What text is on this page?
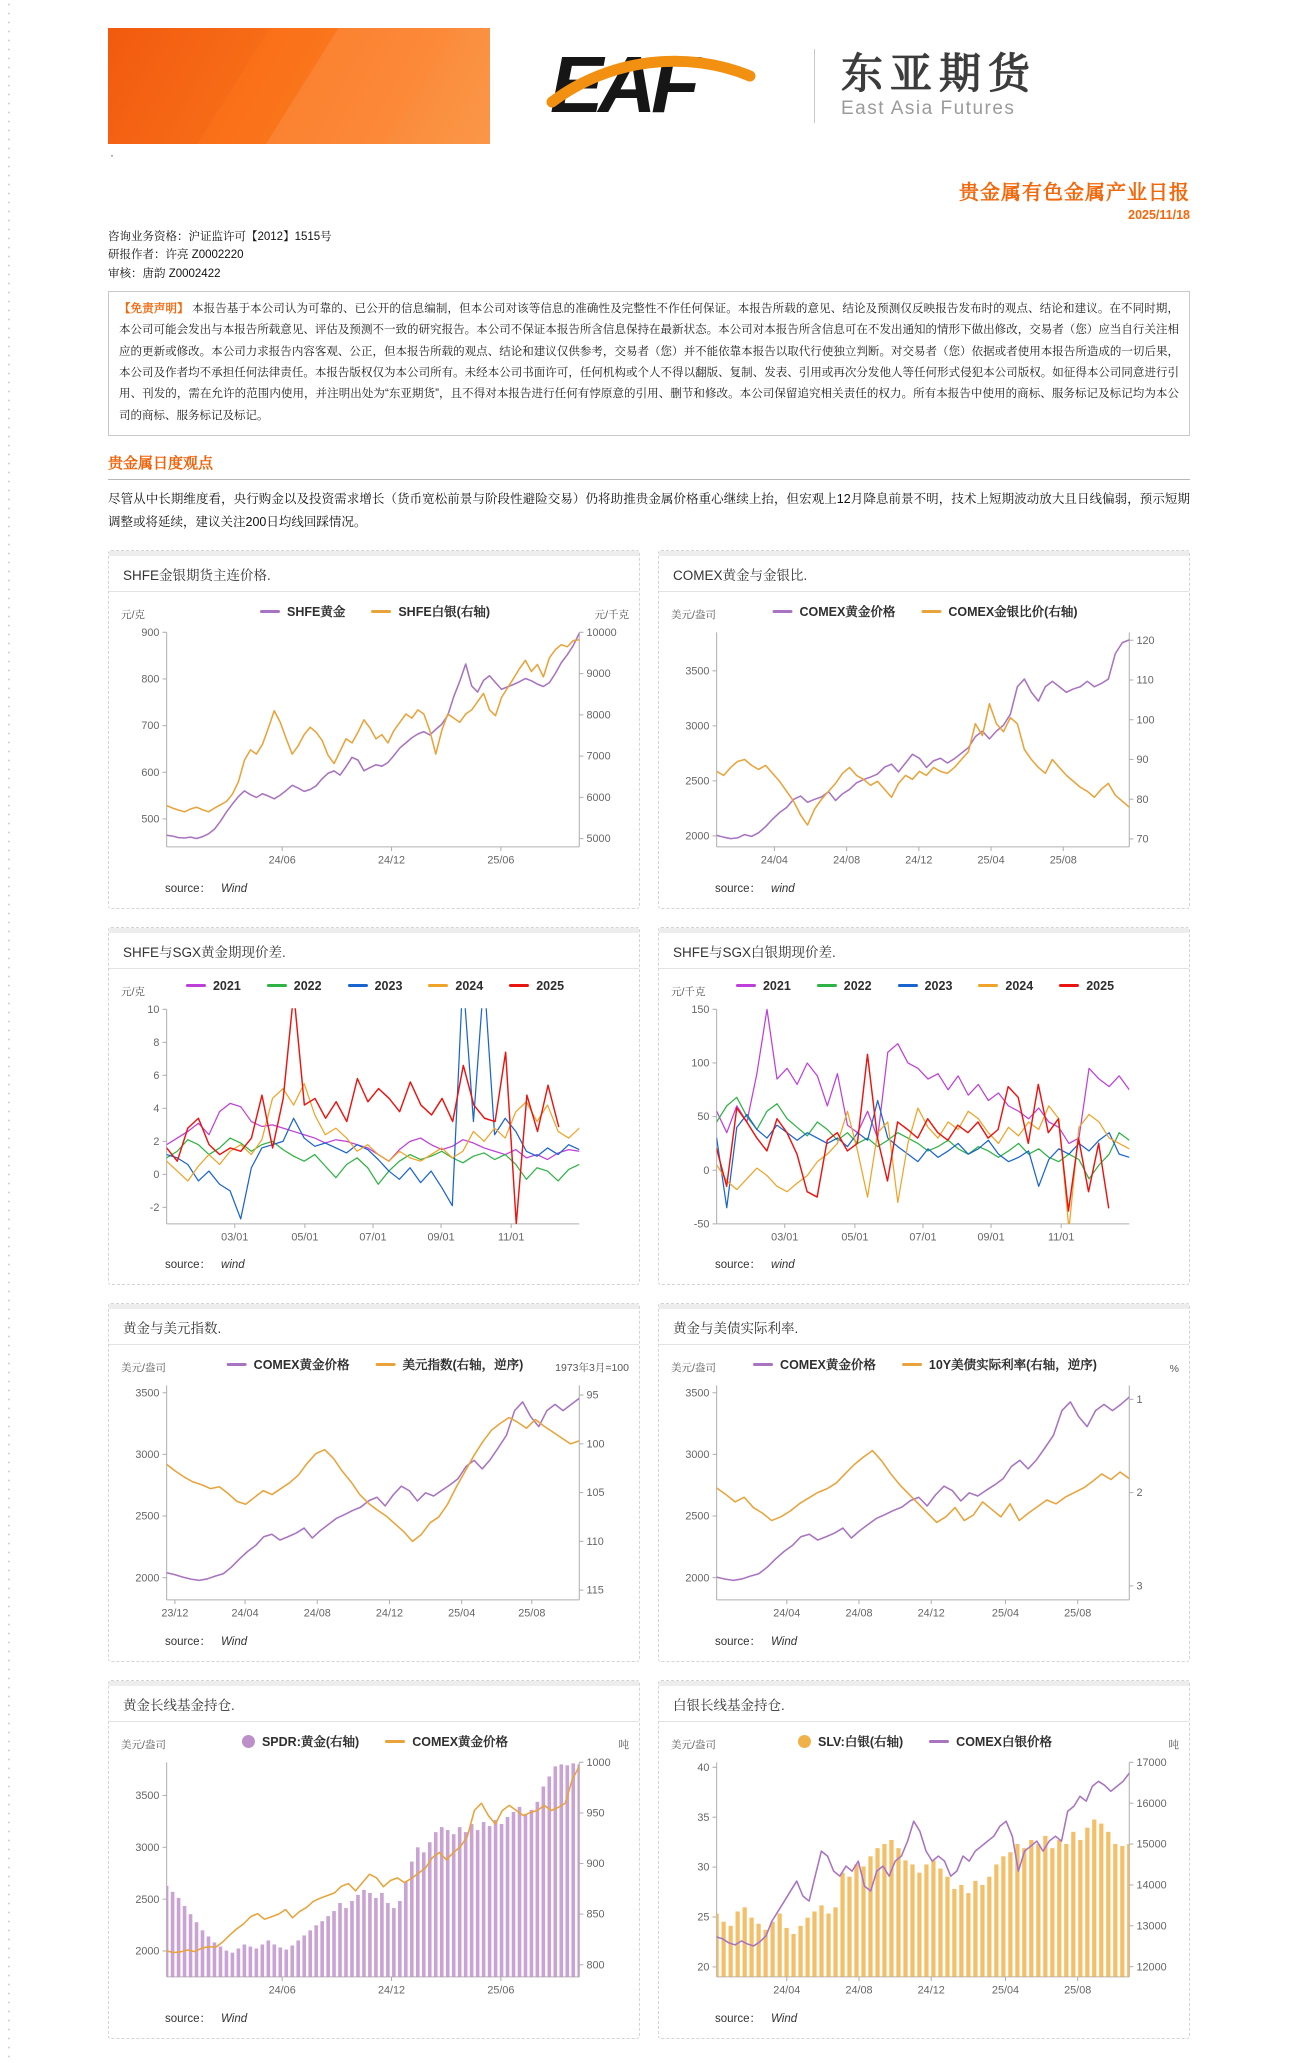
EAF	东亚期货
East Asia Futures
·
贵金属有色金属产业日报
2025/11/18
咨询业务资格：沪证监许可【2012】1515号
研报作者：许亮 Z0002220
审核：唐韵 Z0002422
【免责声明】 本报告基于本公司认为可靠的、已公开的信息编制，但本公司对该等信息的准确性及完整性不作任何保证。本报告所载的意见、结论及预测仅反映报告发布时的观点、结论和建议。在不同时期，本公司可能会发出与本报告所载意见、评估及预测不一致的研究报告。本公司不保证本报告所含信息保持在最新状态。本公司对本报告所含信息可在不发出通知的情形下做出修改，交易者（您）应当自行关注相应的更新或修改。本公司力求报告内容客观、公正，但本报告所载的观点、结论和建议仅供参考，交易者（您）并不能依靠本报告以取代行使独立判断。对交易者（您）依据或者使用本报告所造成的一切后果，本公司及作者均不承担任何法律责任。本报告版权仅为本公司所有。未经本公司书面许可，任何机构或个人不得以翻版、复制、发表、引用或再次分发他人等任何形式侵犯本公司版权。如征得本公司同意进行引用、刊发的，需在允许的范围内使用，并注明出处为“东亚期货”，且不得对本报告进行任何有悖原意的引用、删节和修改。本公司保留追究相关责任的权力。所有本报告中使用的商标、服务标记及标记均为本公司的商标、服务标记及标记。
贵金属日度观点
尽管从中长期维度看，央行购金以及投资需求增长（货币宽松前景与阶段性避险交易）仍将助推贵金属价格重心继续上抬，但宏观上12月降息前景不明，技术上短期波动放大且日线偏弱，预示短期调整或将延续，建议关注200日均线回踩情况。
SHFE金银期货主连价格.
元/克	SHFE黄金	SHFE白银(右轴)	元/千克
900
800
700
600
500
10000
9000
8000
7000
6000
5000
24/06	24/12	25/06
source： Wind
COMEX黄金与金银比.
美元/盎司	COMEX黄金价格	COMEX金银比价(右轴)
3500
3000
2500
2000
120
110
100
90
80
70
24/04	24/08	24/12	25/04	25/08
source： wind
SHFE与SGX黄金期现价差.
元/克	2021	2022	2023	2024	2025
10
8
6
4
2
0
-2
03/01	05/01	07/01	09/01	11/01
source： wind
SHFE与SGX白银期现价差.
元/千克	2021	2022	2023	2024	2025
150
100
50
0
-50
03/01	05/01	07/01	09/01	11/01
source： wind
黄金与美元指数.
美元/盎司	COMEX黄金价格	美元指数(右轴，逆序)	1973年3月=100
3500
3000
2500
2000
95
100
105
110
115
23/12	24/04	24/08	24/12	25/04	25/08
source： Wind
黄金与美债实际利率.
美元/盎司	COMEX黄金价格	10Y美债实际利率(右轴，逆序)	%
3500
3000
2500
2000
1
2
3
24/04	24/08	24/12	25/04	25/08
source： Wind
黄金长线基金持仓.
美元/盎司	SPDR:黄金(右轴)	COMEX黄金价格	吨
3500
3000
2500
2000
1000
950
900
850
800
24/06	24/12	25/06
source： Wind
白银长线基金持仓.
美元/盎司	SLV:白银(右轴)	COMEX白银价格	吨
40
35
30
25
20
17000
16000
15000
14000
13000
12000
24/04	24/08	24/12	25/04	25/08
source： Wind
